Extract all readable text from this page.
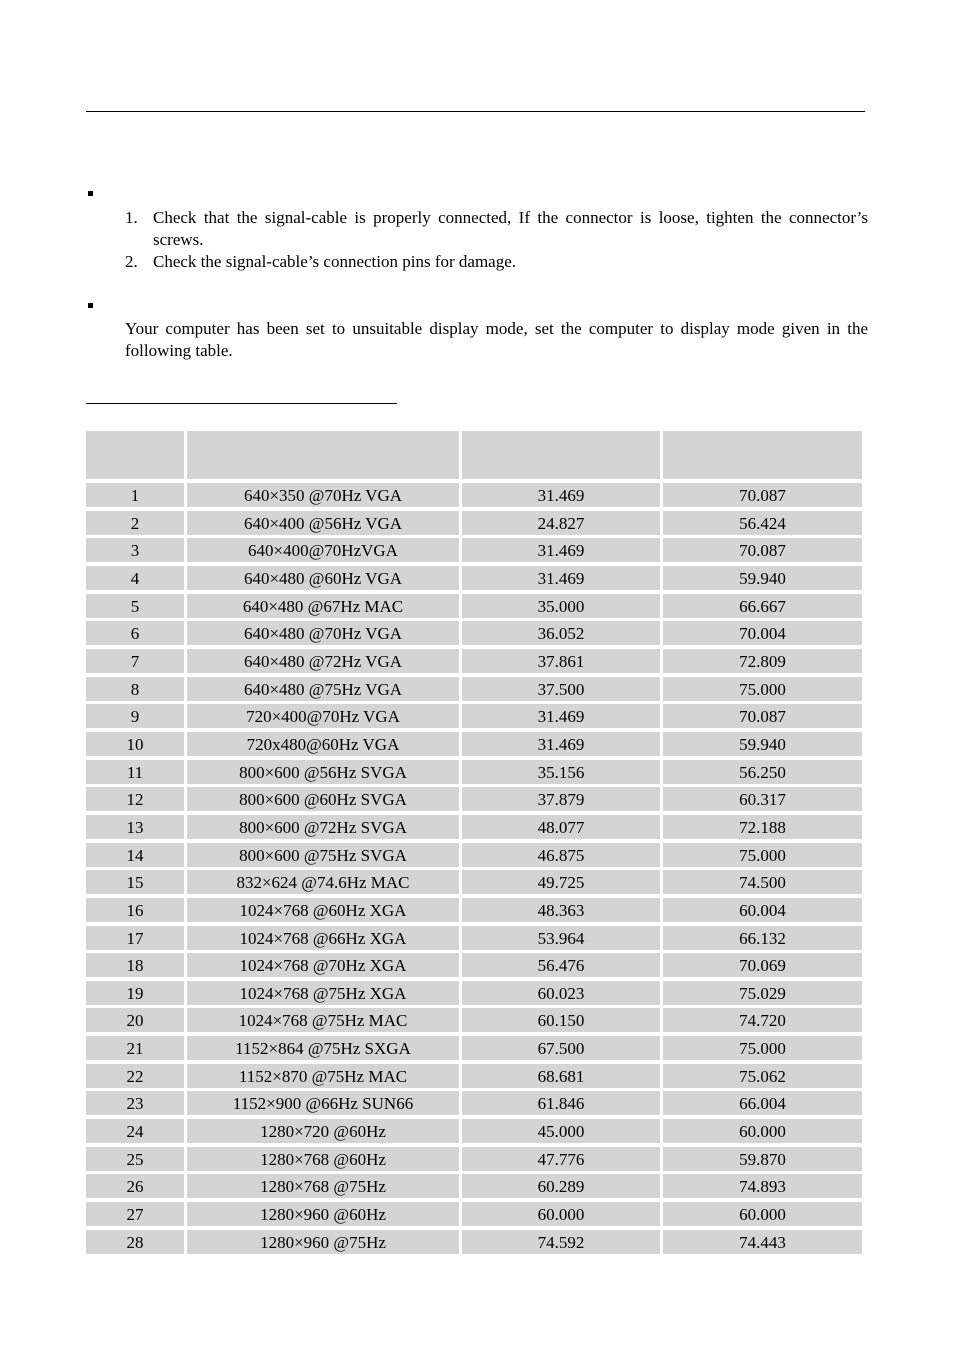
1. Check that the signal-cable is properly connected, If the connector is loose, tighten the connector’s screws.
2. Check the signal-cable’s connection pins for damage.

Your computer has been set to unsuitable display mode, set the computer to display mode given in the following table.

1	640×350 @70Hz VGA	31.469	70.087
2	640×400 @56Hz VGA	24.827	56.424
3	640×400@70HzVGA	31.469	70.087
4	640×480 @60Hz VGA	31.469	59.940
5	640×480 @67Hz MAC	35.000	66.667
6	640×480 @70Hz VGA	36.052	70.004
7	640×480 @72Hz VGA	37.861	72.809
8	640×480 @75Hz VGA	37.500	75.000
9	720×400@70Hz VGA	31.469	70.087
10	720x480@60Hz VGA	31.469	59.940
11	800×600 @56Hz SVGA	35.156	56.250
12	800×600 @60Hz SVGA	37.879	60.317
13	800×600 @72Hz SVGA	48.077	72.188
14	800×600 @75Hz SVGA	46.875	75.000
15	832×624 @74.6Hz MAC	49.725	74.500
16	1024×768 @60Hz XGA	48.363	60.004
17	1024×768 @66Hz XGA	53.964	66.132
18	1024×768 @70Hz XGA	56.476	70.069
19	1024×768 @75Hz XGA	60.023	75.029
20	1024×768 @75Hz MAC	60.150	74.720
21	1152×864 @75Hz SXGA	67.500	75.000
22	1152×870 @75Hz MAC	68.681	75.062
23	1152×900 @66Hz SUN66	61.846	66.004
24	1280×720 @60Hz	45.000	60.000
25	1280×768 @60Hz	47.776	59.870
26	1280×768 @75Hz	60.289	74.893
27	1280×960 @60Hz	60.000	60.000
28	1280×960 @75Hz	74.592	74.443
